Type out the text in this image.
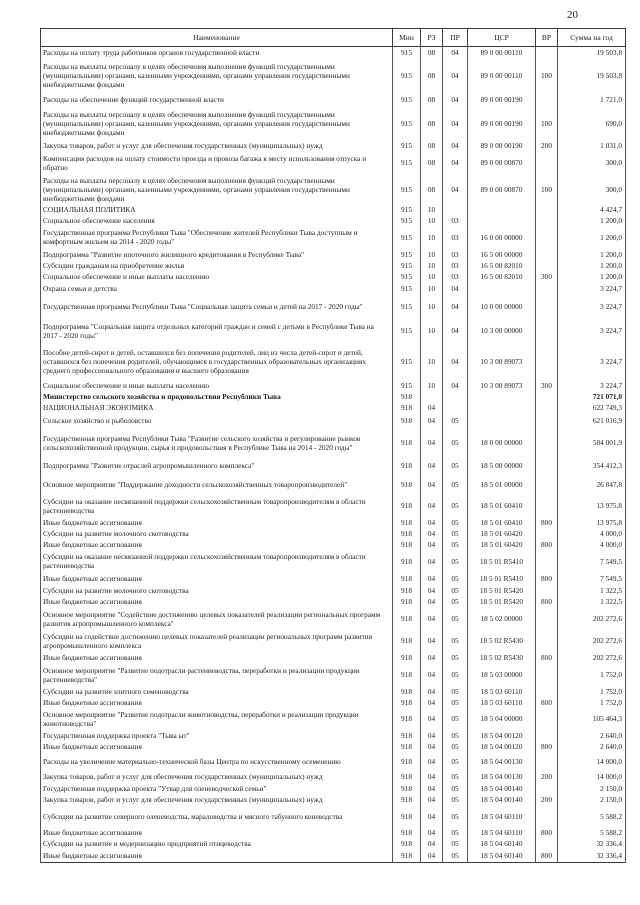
20
Наименование	Мин	РЗ	ПР	ЦСР	ВР	Сумма на год
Расходы на оплату труда работников органов государственной власти	915	08	04	89 0 00 00110		19 503,8
Расходы на выплаты персоналу в целях обеспечения выполнения функций государственными (муниципальными) органами, казенными учреждениями, органами управления государственными внебюджетными фондами	915	08	04	89 0 00 00110	100	19 503,8
Расходы на обеспечение функций государственной власти	915	08	04	89 0 00 00190		1 721,0
Расходы на выплаты персоналу в целях обеспечения выполнения функций государственными (муниципальными) органами, казенными учреждениями, органами управления государственными внебюджетными фондами	915	08	04	89 0 00 00190	100	690,0
Закупка товаров, работ и услуг для обеспечения государственных (муниципальных) нужд	915	08	04	89 0 00 00190	200	1 031,0
Компенсация расходов на оплату стоимости проезда и провоза багажа к месту использования отпуска и обратно	915	08	04	89 0 00 00870		300,0
Расходы на выплаты персоналу в целях обеспечения выполнения функций государственными (муниципальными) органами, казенными учреждениями, органами управления государственными внебюджетными фондами	915	08	04	89 0 00 00870	100	300,0
СОЦИАЛЬНАЯ ПОЛИТИКА	915	10				4 424,7
Социальное обеспечение населения	915	10	03			1 200,0
Государственная программа Республики Тыва "Обеспечение жителей Республики Тыва доступным и комфортным жильем на 2014 - 2020 годы"	915	10	03	16 0 00 00000		1 200,0
Подпрограмма "Развитие ипотечного жилищного кредитования в Республике Тыва"	915	10	03	16 5 00 00000		1 200,0
Субсидии гражданам на приобретение жилья	915	10	03	16 5 00 82010		1 200,0
Социальное обеспечение и иные выплаты населению	915	10	03	16 5 00 82010	300	1 200,0
Охрана семьи и детства	915	10	04			3 224,7
Государственная программа Республики Тыва "Социальная защита семьи и детей на 2017 - 2020 годы"	915	10	04	10 0 00 00000		3 224,7
Подпрограмма "Социальная защита отдельных категорий граждан и семей с детьми в Республике Тыва на 2017 - 2020 годы"	915	10	04	10 3 00 00000		3 224,7
Пособие детей-сирот и детей, оставшихся без попечения родителей, лиц из числа детей-сирот и детей, оставшихся без попечения родителей, обучающимся в государственных образовательных организациях среднего профессионального образования и высшего образования	915	10	04	10 3 00 89073		3 224,7
Социальное обеспечение и иные выплаты населению	915	10	04	10 3 00 89073	300	3 224,7
Министерство сельского хозяйства и продовольствия Республики Тыва	918					721 071,0
НАЦИОНАЛЬНАЯ ЭКОНОМИКА	918	04				622 749,3
Сельское хозяйство и рыболовство	918	04	05			621 016,9
Государственная программа Республики Тыва "Развитие сельского хозяйства и регулирование рынков сельскохозяйственной продукции, сырья и продовольствия в Республике Тыва на 2014 - 2020 годы"	918	04	05	18 0 00 00000		584 001,9
Подпрограмма "Развитие отраслей агропромышленного комплекса"	918	04	05	18 5 00 00000		354 412,3
Основное мероприятие "Поддержание доходности сельскохозяйственных товаропроизводителей"	918	04	05	18 5 01 00000		26 847,8
Субсидии на оказание несвязанной поддержки сельскохозяйственным товаропроизводителям в области растениеводства	918	04	05	18 5 01 60410		13 975,8
Иные бюджетные ассигнования	918	04	05	18 5 01 60410	800	13 975,8
Субсидии на развитие молочного скотоводства	918	04	05	18 5 01 60420		4 000,0
Иные бюджетные ассигнования	918	04	05	18 5 01 60420	800	4 000,0
Субсидии на оказание несвязанной поддержки сельскохозяйственным товаропроизводителям в области растениеводства	918	04	05	18 5 01 R5410		7 549,5
Иные бюджетные ассигнования	918	04	05	18 5 01 R5410	800	7 549,5
Субсидии на развитие молочного скотоводства	918	04	05	18 5 01 R5420		1 322,5
Иные бюджетные ассигнования	918	04	05	18 5 01 R5420	800	1 322,5
Основное мероприятие "Содействие достижению целевых показателей реализации региональных программ развития агропромышленного комплекса"	918	04	05	18 5 02 00000		202 272,6
Субсидии на содействие достижению целевых показателей реализации региональных программ развития агропромышленного комплекса	918	04	05	18 5 02 R5430		202 272,6
Иные бюджетные ассигнования	918	04	05	18 5 02 R5430	800	202 272,6
Основное мероприятие "Развитие подотрасли растениеводства, переработки и реализации продукции растениеводства"	918	04	05	18 5 03 00000		1 752,0
Субсидии на развитие элитного семеноводства	918	04	05	18 5 03 60110		1 752,0
Иные бюджетные ассигнования	918	04	05	18 5 03 60110	800	1 752,0
Основное мероприятие "Развитие подотрасли животноводства, переработки и реализации продукции животноводства"	918	04	05	18 5 04 00000		105 464,3
Государственная поддержка проекта "Тыва ыт"	918	04	05	18 5 04 00120		2 640,0
Иные бюджетные ассигнования	918	04	05	18 5 04 00120	800	2 640,0
Расходы на увеличение материально-технической базы Центра по искусственному осеменению	918	04	05	18 5 04 00130		14 000,0
Закупка товаров, работ и услуг для обеспечения государственных (муниципальных) нужд	918	04	05	18 5 04 00130	200	14 000,0
Государственная поддержка проекта "Утвар для оленеводческой семьи"	918	04	05	18 5 04 00140		2 150,0
Закупка товаров, работ и услуг для обеспечения государственных (муниципальных) нужд	918	04	05	18 5 04 00140	200	2 150,0
Субсидии на развитие северного оленеводства, мараловодства и мясного табунного коневодства	918	04	05	18 5 04 60110		5 588,2
Иные бюджетные ассигнования	918	04	05	18 5 04 60110	800	5 588,2
Субсидии на развитие и модернизацию предприятий птицеводства	918	04	05	18 5 04 60140		32 336,4
Иные бюджетные ассигнования	918	04	05	18 5 04 60140	800	32 336,4
